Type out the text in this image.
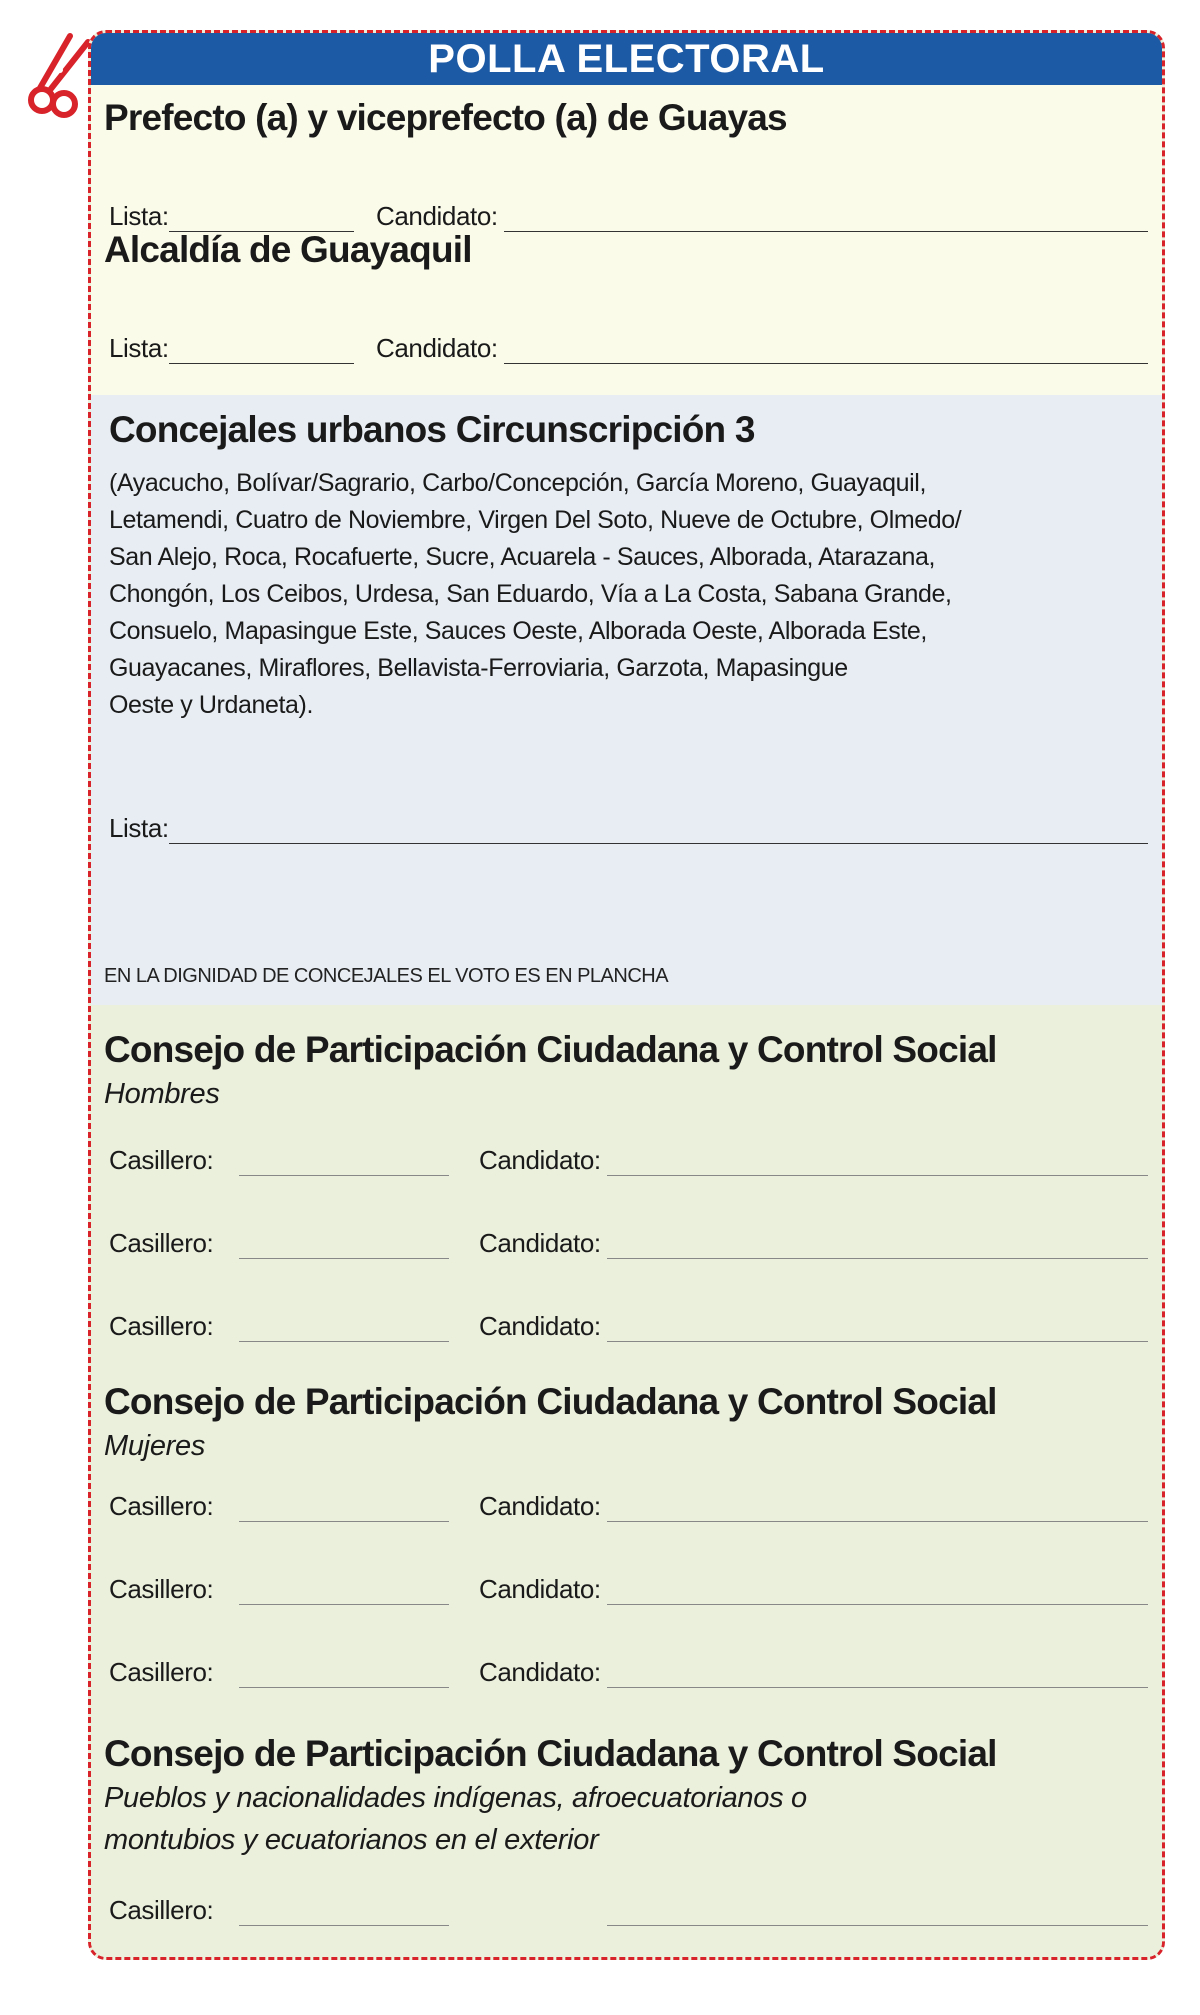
POLLA ELECTORAL
Prefecto (a) y viceprefecto (a) de Guayas
Lista:	Candidato:
Alcaldía de Guayaquil
Lista:	Candidato:
Concejales urbanos Circunscripción 3
(Ayacucho, Bolívar/Sagrario, Carbo/Concepción, García Moreno, Guayaquil,
Letamendi, Cuatro de Noviembre, Virgen Del Soto, Nueve de Octubre, Olmedo/
San Alejo, Roca, Rocafuerte, Sucre, Acuarela - Sauces, Alborada, Atarazana,
Chongón, Los Ceibos, Urdesa, San Eduardo, Vía a La Costa, Sabana Grande,
Consuelo, Mapasingue Este, Sauces Oeste, Alborada Oeste, Alborada Este,
Guayacanes, Miraflores, Bellavista-Ferroviaria, Garzota, Mapasingue
Oeste y Urdaneta).
Lista:
EN LA DIGNIDAD DE CONCEJALES EL VOTO ES EN PLANCHA
Consejo de Participación Ciudadana y Control Social
Hombres
Casillero:	Candidato:
Casillero:	Candidato:
Casillero:	Candidato:
Consejo de Participación Ciudadana y Control Social
Mujeres
Casillero:	Candidato:
Casillero:	Candidato:
Casillero:	Candidato:
Consejo de Participación Ciudadana y Control Social
Pueblos y nacionalidades indígenas, afroecuatorianos o
montubios y ecuatorianos en el exterior
Casillero:
